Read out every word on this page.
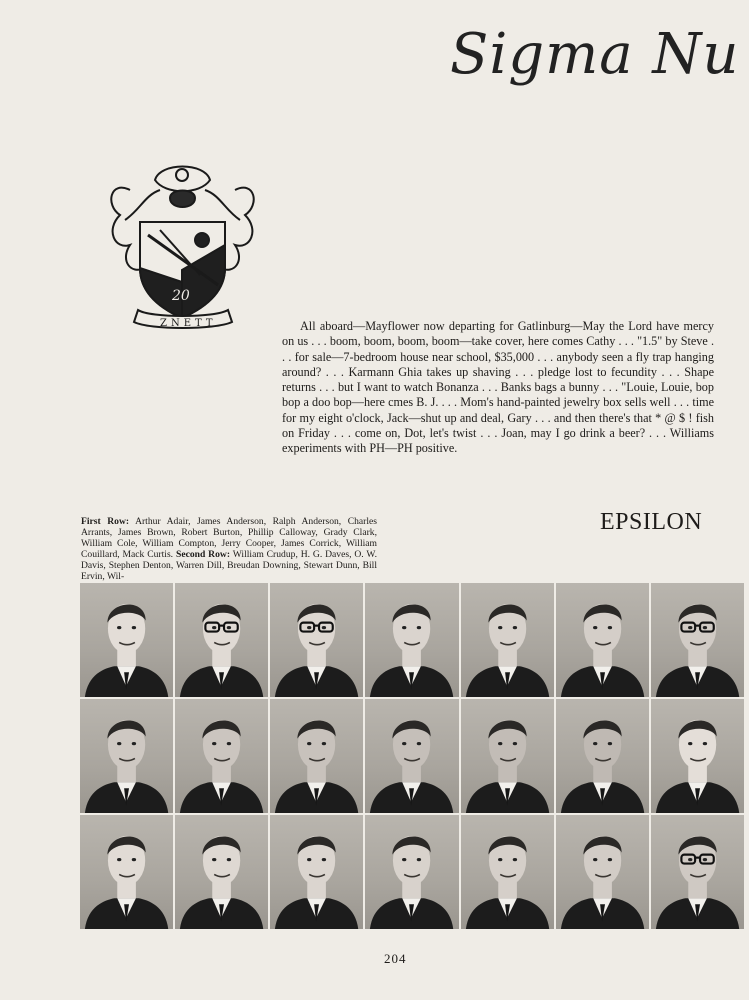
Sigma Nu
20
ZNETT	All aboard—Mayflower now departing for Gatlinburg—May the Lord have mercy on us . . . boom, boom, boom, boom—take cover, here comes Cathy . . . "1.5" by Steve . . . for sale—7-bedroom house near school, $35,000 . . . anybody seen a fly trap hanging around? . . . Karmann Ghia takes up shaving . . . pledge lost to fecundity . . . Shape returns . . . but I want to watch Bonanza . . . Banks bags a bunny . . . "Louie, Louie, bop bop a doo bop—here cmes B. J. . . . Mom's hand-painted jewelry box sells well . . . time for my eight o'clock, Jack—shut up and deal, Gary . . . and then there's that * @ $ ! fish on Friday . . . come on, Dot, let's twist . . . Joan, may I go drink a beer? . . . Williams experiments with PH—PH positive.

EPSILON

First Row: Arthur Adair, James Anderson, Ralph Anderson, Charles Arrants, James Brown, Robert Burton, Phillip Calloway, Grady Clark, William Cole, William Compton, Jerry Cooper, James Corrick, William Couillard, Mack Curtis. Second Row: William Crudup, H. G. Daves, O. W. Davis, Stephen Denton, Warren Dill, Breudan Downing, Stewart Dunn, Bill Ervin, Wil-

204
